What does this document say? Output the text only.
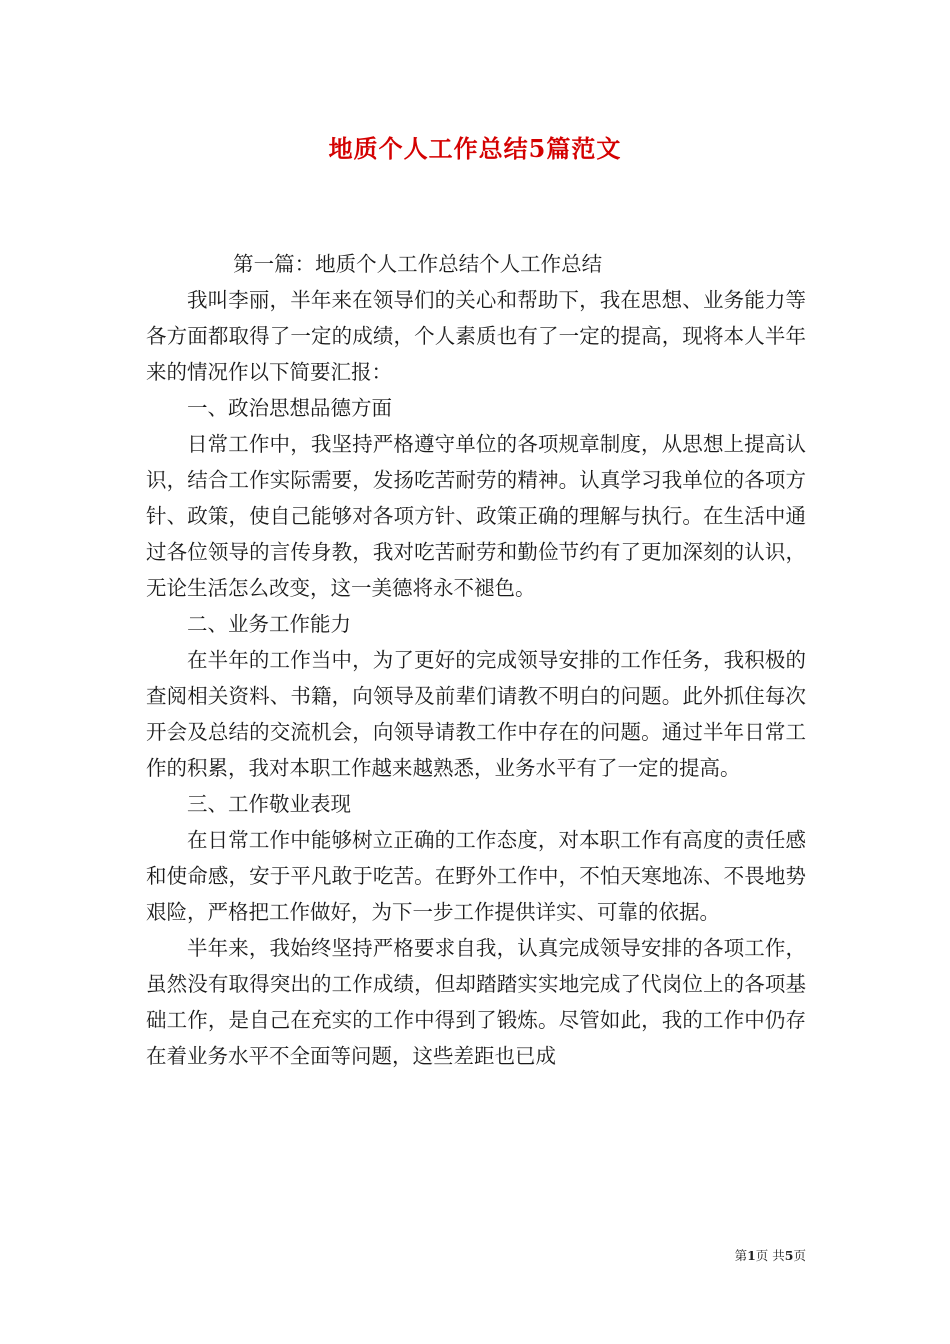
地质个人工作总结5篇范文

第一篇：地质个人工作总结个人工作总结

我叫李丽，半年来在领导们的关心和帮助下，我在思想、业务能力等各方面都取得了一定的成绩，个人素质也有了一定的提高，现将本人半年来的情况作以下简要汇报：

一、政治思想品德方面

日常工作中，我坚持严格遵守单位的各项规章制度，从思想上提高认识，结合工作实际需要，发扬吃苦耐劳的精神。认真学习我单位的各项方针、政策，使自己能够对各项方针、政策正确的理解与执行。在生活中通过各位领导的言传身教，我对吃苦耐劳和勤俭节约有了更加深刻的认识，无论生活怎么改变，这一美德将永不褪色。

二、业务工作能力

在半年的工作当中，为了更好的完成领导安排的工作任务，我积极的查阅相关资料、书籍，向领导及前辈们请教不明白的问题。此外抓住每次开会及总结的交流机会，向领导请教工作中存在的问题。通过半年日常工作的积累，我对本职工作越来越熟悉，业务水平有了一定的提高。

三、工作敬业表现

在日常工作中能够树立正确的工作态度，对本职工作有高度的责任感和使命感，安于平凡敢于吃苦。在野外工作中，不怕天寒地冻、不畏地势艰险，严格把工作做好，为下一步工作提供详实、可靠的依据。

半年来，我始终坚持严格要求自我，认真完成领导安排的各项工作，虽然没有取得突出的工作成绩，但却踏踏实实地完成了代岗位上的各项基础工作，是自己在充实的工作中得到了锻炼。尽管如此，我的工作中仍存在着业务水平不全面等问题，这些差距也已成

第1页 共5页
